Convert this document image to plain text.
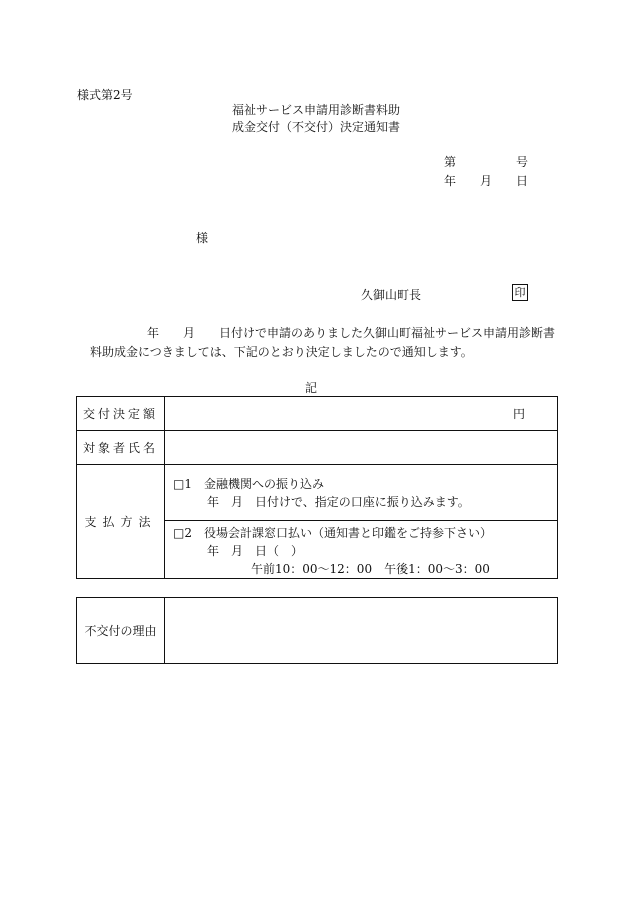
様式第2号
福祉サービス申請用診断書料助
成金交付（不交付）決定通知書
第　　　　　号
年　　月　　日
様
久御山町長	印
年　　月　　日付けで申請のありました久御山町福祉サービス申請用診断書
料助成金につきましては、下記のとおり決定しましたので通知します。
記
交付決定額	円
対象者氏名	
支払方法	□1　金融機関への振り込み
年　月　日付けで、指定の口座に振り込みます。

	□2　役場会計課窓口払い（通知書と印鑑をご持参下さい）
年　月　日（　）
午前10：00～12：00　午後1：00～3：00
不交付の理由	
